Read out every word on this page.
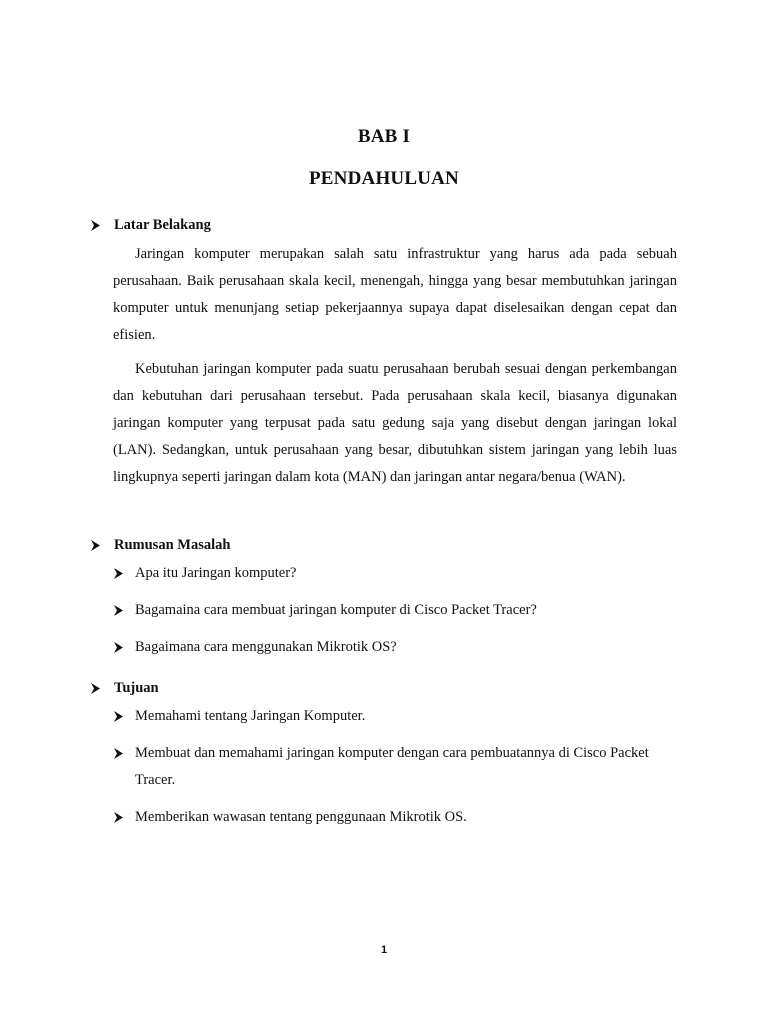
BAB I
PENDAHULUAN
Latar Belakang
Jaringan komputer merupakan salah satu infrastruktur yang harus ada pada sebuah perusahaan. Baik perusahaan skala kecil, menengah, hingga yang besar membutuhkan jaringan komputer untuk menunjang setiap pekerjaannya supaya dapat diselesaikan dengan cepat dan efisien.
Kebutuhan jaringan komputer pada suatu perusahaan berubah sesuai dengan perkembangan dan kebutuhan dari perusahaan tersebut. Pada perusahaan skala kecil, biasanya digunakan jaringan komputer yang terpusat pada satu gedung saja yang disebut dengan jaringan lokal (LAN). Sedangkan, untuk perusahaan yang besar, dibutuhkan sistem jaringan yang lebih luas lingkupnya seperti jaringan dalam kota (MAN) dan jaringan antar negara/benua (WAN).
Rumusan Masalah
Apa itu Jaringan komputer?
Bagamaina cara membuat jaringan komputer di Cisco Packet Tracer?
Bagaimana cara menggunakan Mikrotik OS?
Tujuan
Memahami tentang Jaringan Komputer.
Membuat dan memahami jaringan komputer dengan cara pembuatannya di Cisco Packet Tracer.
Memberikan wawasan tentang penggunaan Mikrotik OS.
1
